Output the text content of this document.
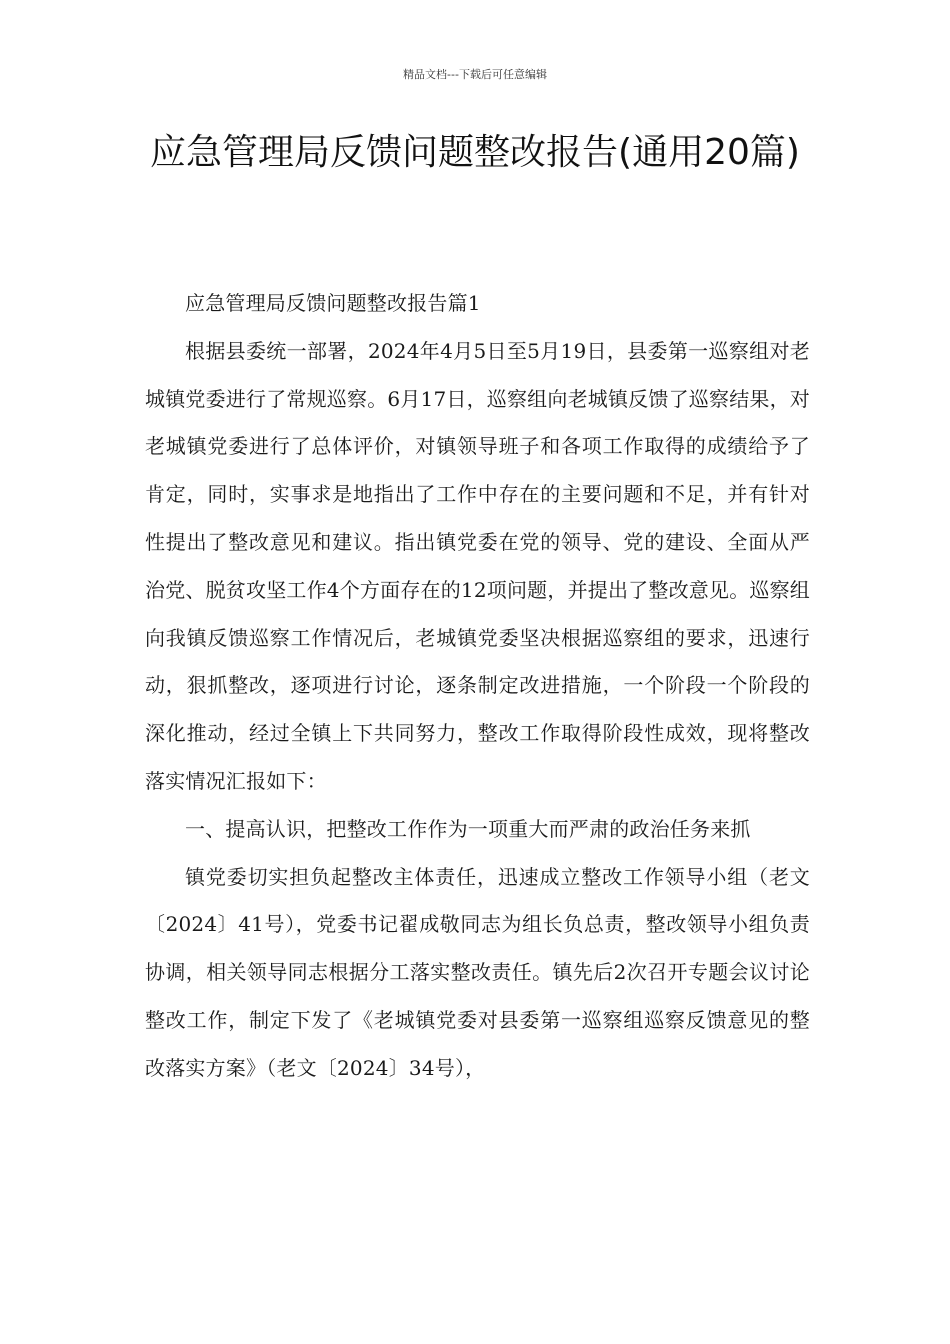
精品文档---下载后可任意编辑
应急管理局反馈问题整改报告(通用20篇)

应急管理局反馈问题整改报告篇1

根据县委统一部署，2024年4月5日至5月19日，县委第一巡察组对老城镇党委进行了常规巡察。6月17日，巡察组向老城镇反馈了巡察结果，对老城镇党委进行了总体评价，对镇领导班子和各项工作取得的成绩给予了肯定，同时，实事求是地指出了工作中存在的主要问题和不足，并有针对性提出了整改意见和建议。指出镇党委在党的领导、党的建设、全面从严治党、脱贫攻坚工作4个方面存在的12项问题，并提出了整改意见。巡察组向我镇反馈巡察工作情况后，老城镇党委坚决根据巡察组的要求，迅速行动，狠抓整改，逐项进行讨论，逐条制定改进措施，一个阶段一个阶段的深化推动，经过全镇上下共同努力，整改工作取得阶段性成效，现将整改落实情况汇报如下：

一、提高认识，把整改工作作为一项重大而严肃的政治任务来抓

镇党委切实担负起整改主体责任，迅速成立整改工作领导小组（老文〔2024〕41号），党委书记翟成敬同志为组长负总责，整改领导小组负责协调，相关领导同志根据分工落实整改责任。镇先后2次召开专题会议讨论整改工作，制定下发了《老城镇党委对县委第一巡察组巡察反馈意见的整改落实方案》（老文〔2024〕34号），
